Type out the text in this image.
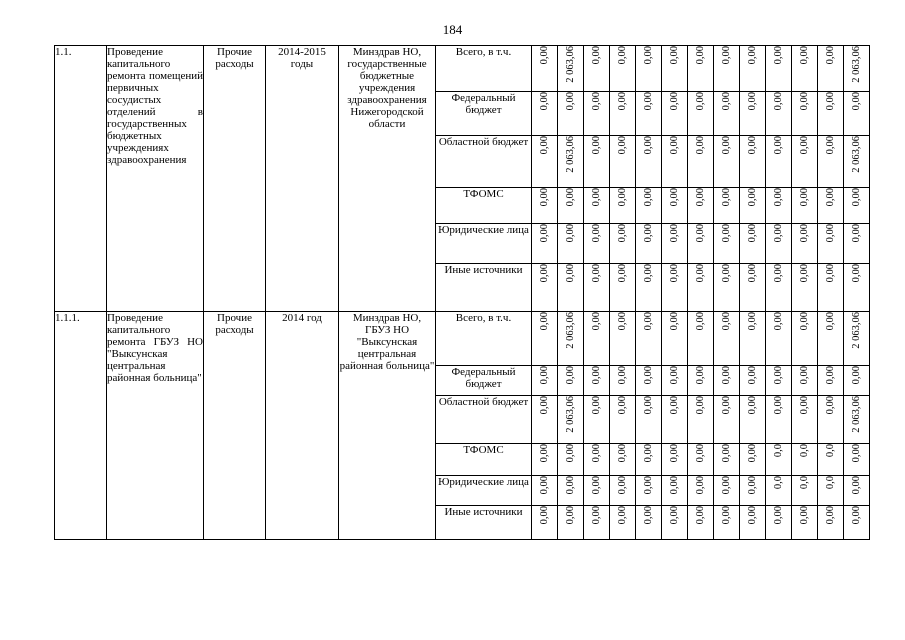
184
1.1.	Проведение капитального ремонта помещений первичных сосудистых отделений в государственных бюджетных учреждениях здравоохранения	Прочие расходы	2014-2015 годы	Минздрав НО, государственные бюджетные учреждения здравоохранения Нижегородской области	Всего, в т.ч.	0,00	2 063,06	0,00	0,00	0,00	0,00	0,00	0,00	0,00	0,00	0,00	0,00	2 063,06
					Федеральный бюджет	0,00	0,00	0,00	0,00	0,00	0,00	0,00	0,00	0,00	0,00	0,00	0,00	0,00
					Областной бюджет	0,00	2 063,06	0,00	0,00	0,00	0,00	0,00	0,00	0,00	0,00	0,00	0,00	2 063,06
					ТФОМС	0,00	0,00	0,00	0,00	0,00	0,00	0,00	0,00	0,00	0,00	0,00	0,00	0,00
					Юридические лица	0,00	0,00	0,00	0,00	0,00	0,00	0,00	0,00	0,00	0,00	0,00	0,00	0,00
					Иные источники	0,00	0,00	0,00	0,00	0,00	0,00	0,00	0,00	0,00	0,00	0,00	0,00	0,00
1.1.1.	Проведение капитального ремонта ГБУЗ НО "Выксунская центральная районная больница"	Прочие расходы	2014 год	Минздрав НО, ГБУЗ НО "Выксунская центральная районная больница"	Всего, в т.ч.	0,00	2 063,06	0,00	0,00	0,00	0,00	0,00	0,00	0,00	0,00	0,00	0,00	2 063,06
					Федеральный бюджет	0,00	0,00	0,00	0,00	0,00	0,00	0,00	0,00	0,00	0,00	0,00	0,00	0,00
					Областной бюджет	0,00	2 063,06	0,00	0,00	0,00	0,00	0,00	0,00	0,00	0,00	0,00	0,00	2 063,06
					ТФОМС	0,00	0,00	0,00	0,00	0,00	0,00	0,00	0,00	0,00	0,0	0,0	0,0	0,00
					Юридические лица	0,00	0,00	0,00	0,00	0,00	0,00	0,00	0,00	0,00	0,0	0,0	0,0	0,00
					Иные источники	0,00	0,00	0,00	0,00	0,00	0,00	0,00	0,00	0,00	0,00	0,00	0,00	0,00
